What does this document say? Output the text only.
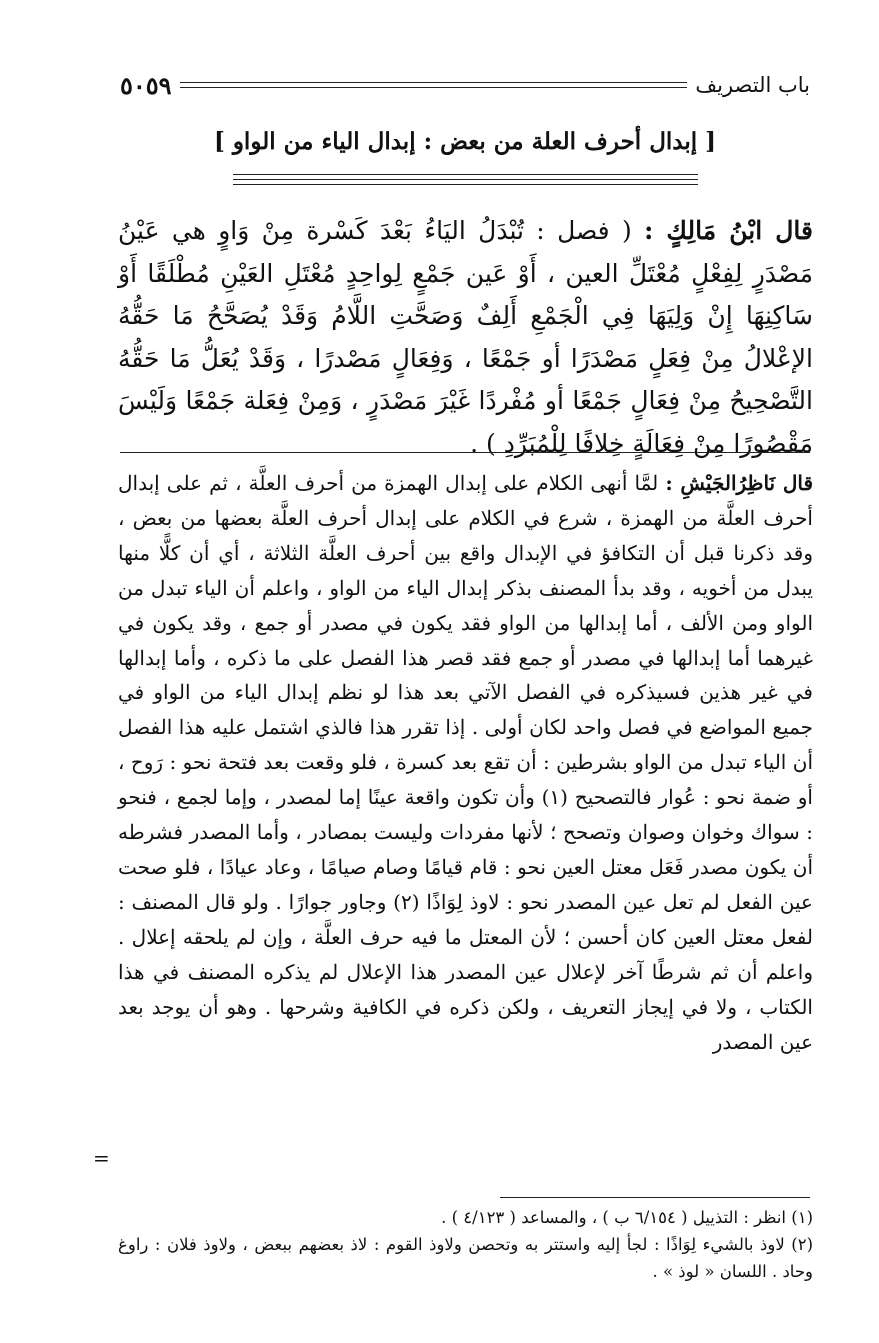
باب التصريف
٥٠٥٩
[ إبدال أحرف العلة من بعض : إبدال الياء من الواو ]
قال ابْنُ مَالِكٍ : ( فصل : تُبْدَلُ اليَاءُ بَعْدَ كَسْرة مِنْ وَاوٍ هي عَيْنُ مَصْدَرٍ لِفِعْلٍ مُعْتَلِّ العين ، أَوْ عَين جَمْعٍ لِواحِدٍ مُعْتَلِ العَيْنِ مُطْلَقًا أَوْ سَاكِنِهَا إِنْ وَلِيَهَا فِي الْجَمْعِ أَلِفٌ وَصَحَّتِ اللَّامُ وَقَدْ يُصَحَّحُ مَا حَقُّهُ الإعْلالُ مِنْ فِعَلٍ مَصْدَرًا أو جَمْعًا ، وَفِعَالٍ مَصْدرًا ، وَقَدْ يُعَلُّ مَا حَقُّهُ التَّصْحِيحُ مِنْ فِعَالٍ جَمْعًا أو مُفْردًا غَيْرَ مَصْدَرٍ ، وَمِنْ فِعَلة جَمْعًا وَلَيْسَ مَقْصُورًا مِنْ فِعَالَةٍ خِلافًا لِلْمُبَرِّدِ ) .
قال نَاظِرُالجَيْشِ : لمَّا أنهى الكلام على إبدال الهمزة من أحرف العلَّة ، ثم على إبدال أحرف العلَّة من الهمزة ، شرع في الكلام على إبدال أحرف العلَّة بعضها من بعض ، وقد ذكرنا قبل أن التكافؤ في الإبدال واقع بين أحرف العلَّة الثلاثة ، أي أن كلًّا منها يبدل من أخويه ، وقد بدأ المصنف بذكر إبدال الياء من الواو ، واعلم أن الياء تبدل من الواو ومن الألف ، أما إبدالها من الواو فقد يكون في مصدر أو جمع ، وقد يكون في غيرهما أما إبدالها في مصدر أو جمع فقد قصر هذا الفصل على ما ذكره ، وأما إبدالها في غير هذين فسيذكره في الفصل الآتي بعد هذا لو نظم إبدال الياء من الواو في جميع المواضع في فصل واحد لكان أولى . إذا تقرر هذا فالذي اشتمل عليه هذا الفصل أن الياء تبدل من الواو بشرطين : أن تقع بعد كسرة ، فلو وقعت بعد فتحة نحو : رَوح ، أو ضمة نحو : عُوار فالتصحيح (١) وأن تكون واقعة عينًا إما لمصدر ، وإما لجمع ، فنحو : سواك وخوان وصوان وتصحح ؛ لأنها مفردات وليست بمصادر ، وأما المصدر فشرطه أن يكون مصدر فَعَل معتل العين نحو : قام قيامًا وصام صيامًا ، وعاد عيادًا ، فلو صحت عين الفعل لم تعل عين المصدر نحو : لاوذ لِوَاذًا (٢) وجاور جوارًا . ولو قال المصنف : لفعل معتل العين كان أحسن ؛ لأن المعتل ما فيه حرف العلَّة ، وإن لم يلحقه إعلال . واعلم أن ثم شرطًا آخر لإعلال عين المصدر هذا الإعلال لم يذكره المصنف في هذا الكتاب ، ولا في إيجاز التعريف ، ولكن ذكره في الكافية وشرحها . وهو أن يوجد بعد عين المصدر
=

(١) انظر : التذييل ( ٦/١٥٤ ب ) ، والمساعد ( ٤/١٢٣ ) .

(٢) لاوذ بالشيء لِوَاذًا : لجأ إليه واستتر به وتحصن ولاوذ القوم : لاذ بعضهم ببعض ، ولاوذ فلان : راوغ وحاد . اللسان « لوذ » .
